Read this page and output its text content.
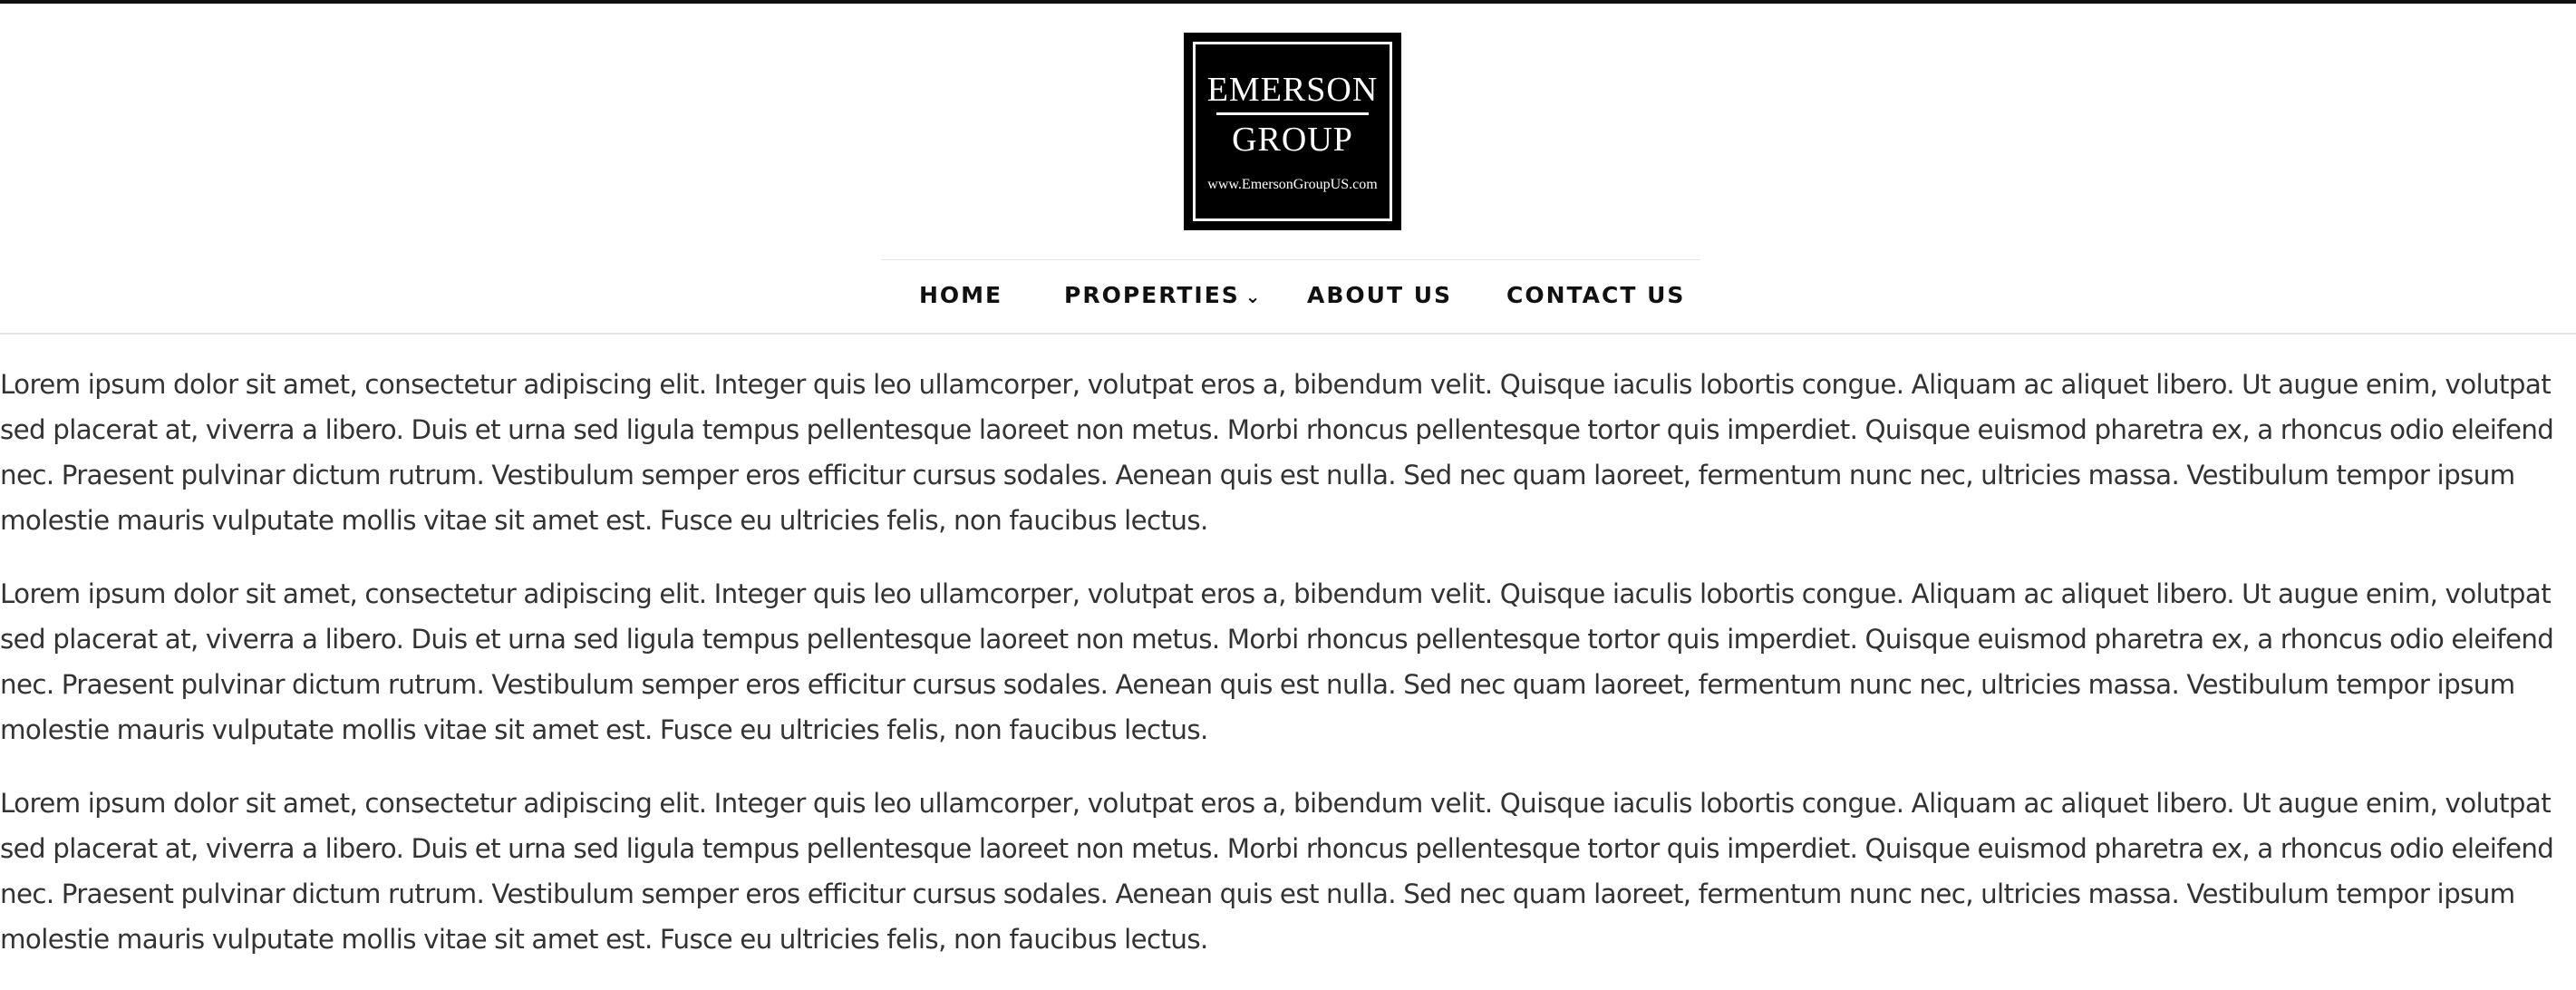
EMERSON
GROUP
www.EmersonGroupUS.com
HOME	PROPERTIES ⌄ ABOUT US CONTACT US

Lorem ipsum dolor sit amet, consectetur adipiscing elit. Integer quis leo ullamcorper, volutpat eros a, bibendum velit. Quisque iaculis lobortis congue. Aliquam ac aliquet libero. Ut augue enim, volutpat sed placerat at, viverra a libero. Duis et urna sed ligula tempus pellentesque laoreet non metus. Morbi rhoncus pellentesque tortor quis imperdiet. Quisque euismod pharetra ex, a rhoncus odio eleifend nec. Praesent pulvinar dictum rutrum. Vestibulum semper eros efficitur cursus sodales. Aenean quis est nulla. Sed nec quam laoreet, fermentum nunc nec, ultricies massa. Vestibulum tempor ipsum molestie mauris vulputate mollis vitae sit amet est. Fusce eu ultricies felis, non faucibus lectus.

Lorem ipsum dolor sit amet, consectetur adipiscing elit. Integer quis leo ullamcorper, volutpat eros a, bibendum velit. Quisque iaculis lobortis congue. Aliquam ac aliquet libero. Ut augue enim, volutpat sed placerat at, viverra a libero. Duis et urna sed ligula tempus pellentesque laoreet non metus. Morbi rhoncus pellentesque tortor quis imperdiet. Quisque euismod pharetra ex, a rhoncus odio eleifend nec. Praesent pulvinar dictum rutrum. Vestibulum semper eros efficitur cursus sodales. Aenean quis est nulla. Sed nec quam laoreet, fermentum nunc nec, ultricies massa. Vestibulum tempor ipsum molestie mauris vulputate mollis vitae sit amet est. Fusce eu ultricies felis, non faucibus lectus.

Lorem ipsum dolor sit amet, consectetur adipiscing elit. Integer quis leo ullamcorper, volutpat eros a, bibendum velit. Quisque iaculis lobortis congue. Aliquam ac aliquet libero. Ut augue enim, volutpat sed placerat at, viverra a libero. Duis et urna sed ligula tempus pellentesque laoreet non metus. Morbi rhoncus pellentesque tortor quis imperdiet. Quisque euismod pharetra ex, a rhoncus odio eleifend nec. Praesent pulvinar dictum rutrum. Vestibulum semper eros efficitur cursus sodales. Aenean quis est nulla. Sed nec quam laoreet, fermentum nunc nec, ultricies massa. Vestibulum tempor ipsum molestie mauris vulputate mollis vitae sit amet est. Fusce eu ultricies felis, non faucibus lectus.
